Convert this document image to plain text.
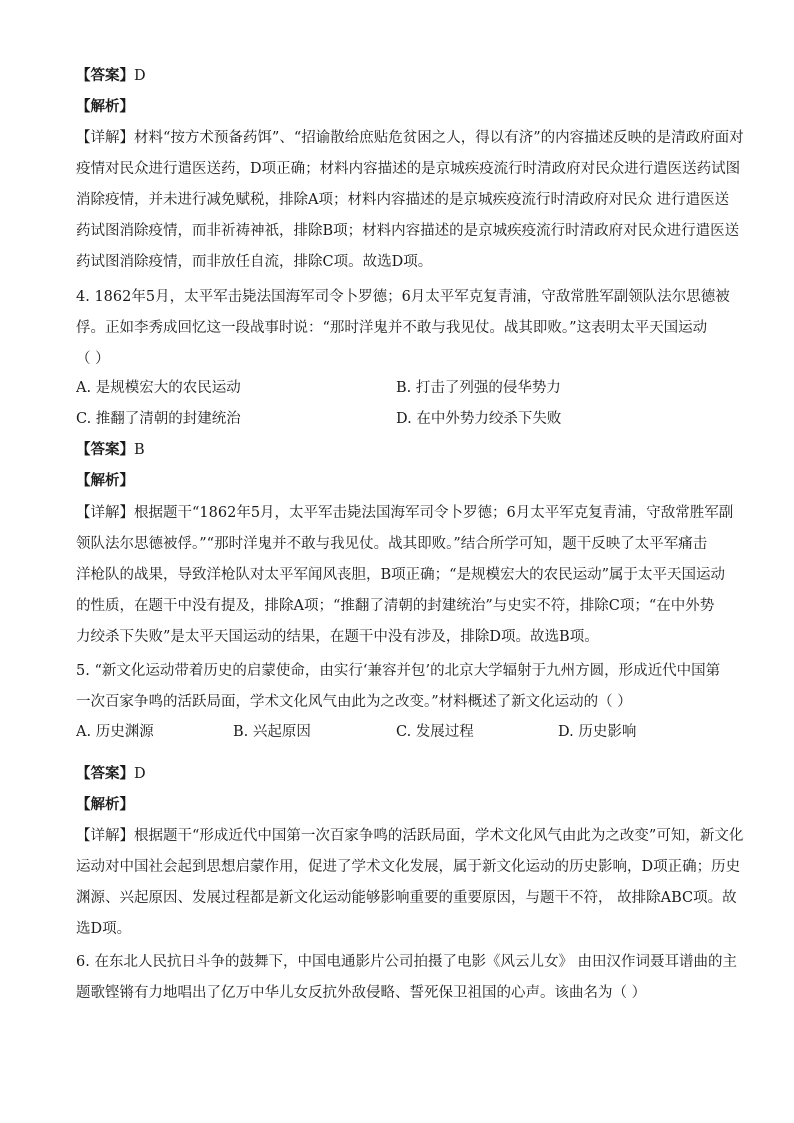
【答案】D
【解析】

【详解】材料“按方术预备药饵”、“招谕散给庶贴危贫困之人，得以有济”的内容描述反映的是清政府面对

疫情对民众进行遣医送药，D项正确；材料内容描述的是京城疾疫流行时清政府对民众进行遣医送药试图

消除疫情，并未进行减免赋税，排除A项；材料内容描述的是京城疾疫流行时清政府对民众 进行遣医送

药试图消除疫情，而非祈祷神祇，排除B项；材料内容描述的是京城疾疫流行时清政府对民众进行遣医送

药试图消除疫情，而非放任自流，排除C项。故选D项。

4. 1862年5月，太平军击毙法国海军司令卜罗德；6月太平军克复青浦，守敌常胜军副领队法尔思德被

俘。正如李秀成回忆这一段战事时说：“那时洋鬼并不敢与我见仗。战其即败。”这表明太平天国运动

（ ）

A. 是规模宏大的农民运动	B. 打击了列强的侵华势力
C. 推翻了清朝的封建统治	D. 在中外势力绞杀下失败
【答案】B
【解析】

【详解】根据题干“1862年5月，太平军击毙法国海军司令卜罗德；6月太平军克复青浦，守敌常胜军副

领队法尔思德被俘。”“那时洋鬼并不敢与我见仗。战其即败。”结合所学可知，题干反映了太平军痛击

洋枪队的战果，导致洋枪队对太平军闻风丧胆，B项正确；“是规模宏大的农民运动”属于太平天国运动

的性质，在题干中没有提及，排除A项；“推翻了清朝的封建统治”与史实不符，排除C项；“在中外势

力绞杀下失败”是太平天国运动的结果，在题干中没有涉及，排除D项。故选B项。

5. “新文化运动带着历史的启蒙使命，由实行‘兼容并包’的北京大学辐射于九州方圆，形成近代中国第

一次百家争鸣的活跃局面，学术文化风气由此为之改变。”材料概述了新文化运动的（ ）

A. 历史渊源	B. 兴起原因	C. 发展过程	D. 历史影响
【答案】D
【解析】

【详解】根据题干“形成近代中国第一次百家争鸣的活跃局面，学术文化风气由此为之改变”可知，新文化

运动对中国社会起到思想启蒙作用，促进了学术文化发展，属于新文化运动的历史影响，D项正确；历史

渊源、兴起原因、发展过程都是新文化运动能够影响重要的重要原因，与题干不符， 故排除ABC项。故

选D项。

6. 在东北人民抗日斗争的鼓舞下，中国电通影片公司拍摄了电影《风云儿女》 由田汉作词聂耳谱曲的主

题歌铿锵有力地唱出了亿万中华儿女反抗外敌侵略、誓死保卫祖国的心声。该曲名为（ ）
